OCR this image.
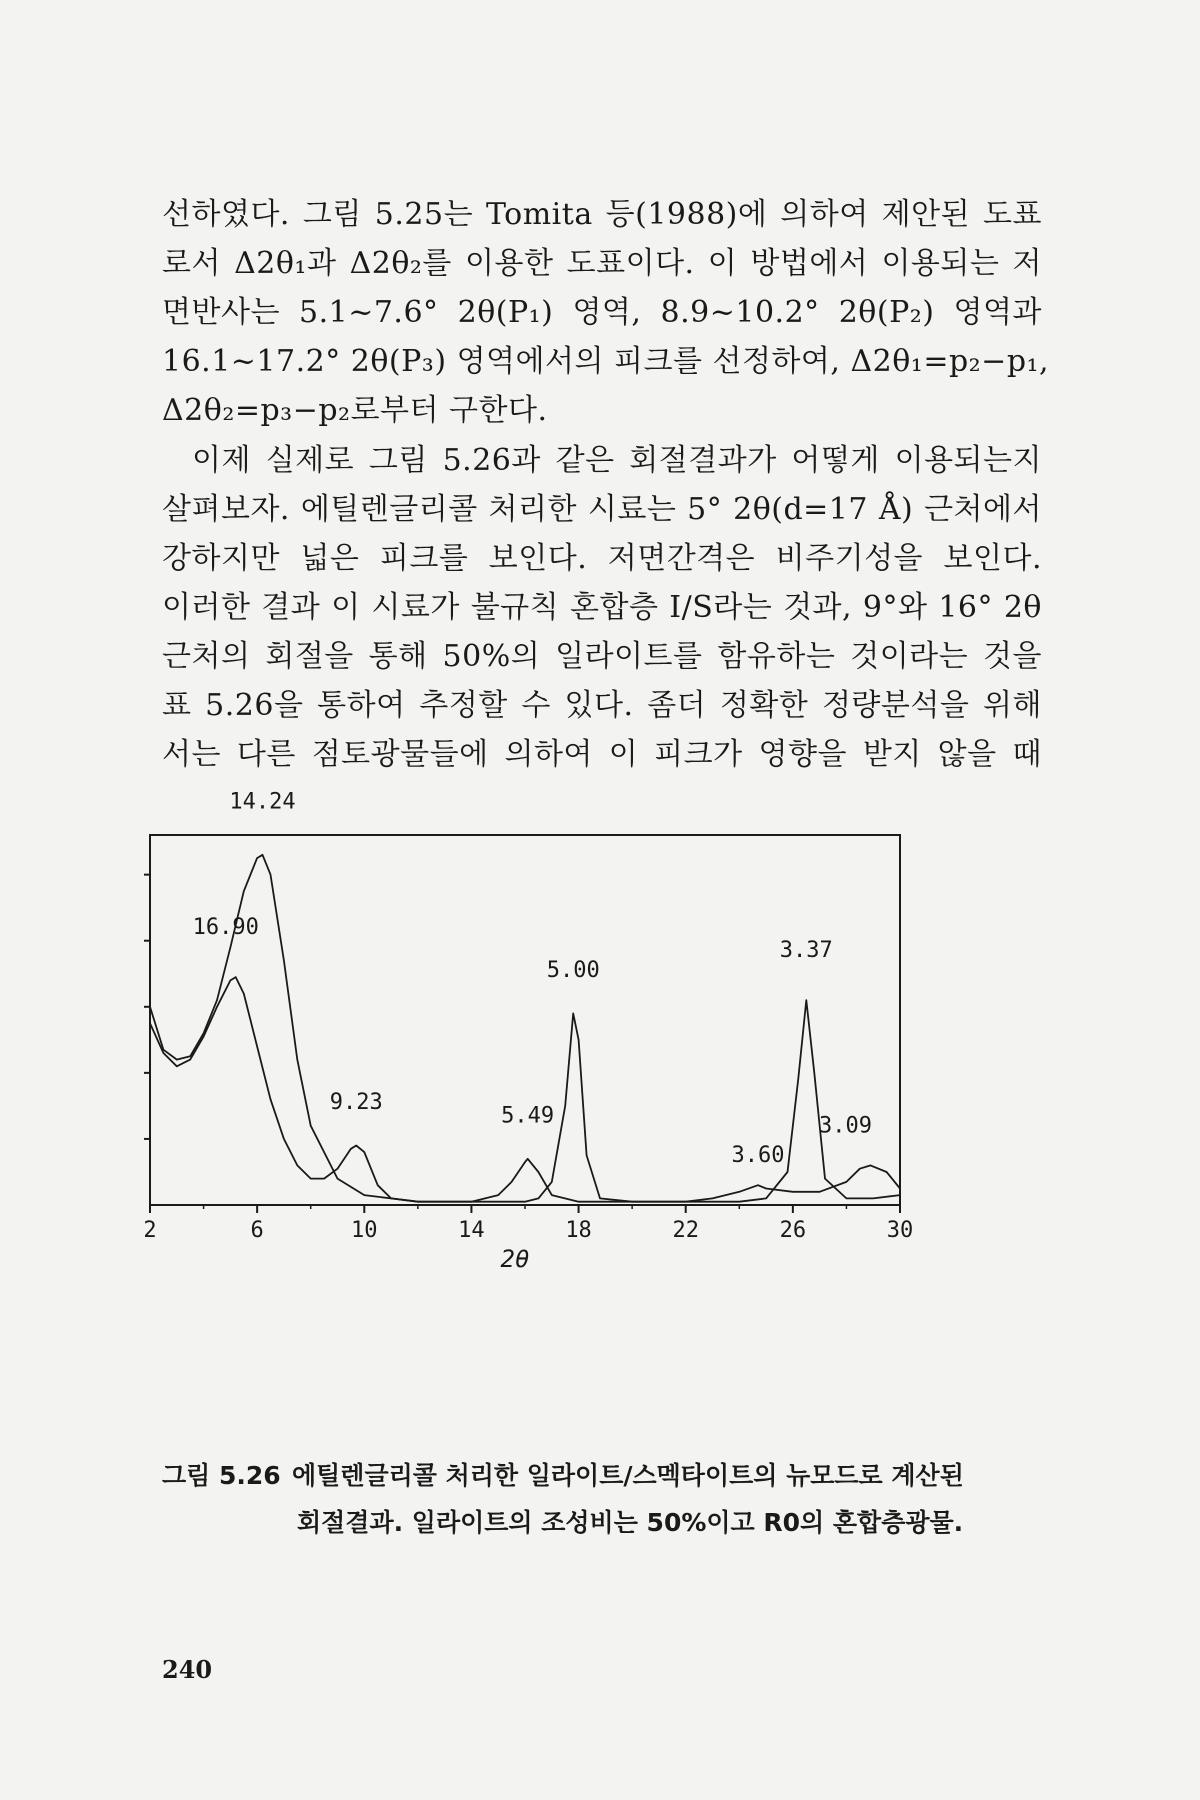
선하였다. 그림 5.25는 Tomita 등(1988)에 의하여 제안된 도표
로서 Δ2θ₁과 Δ2θ₂를 이용한 도표이다. 이 방법에서 이용되는 저
면반사는 5.1~7.6° 2θ(P₁) 영역, 8.9~10.2° 2θ(P₂) 영역과
16.1~17.2° 2θ(P₃) 영역에서의 피크를 선정하여, Δ2θ₁=p₂−p₁,
Δ2θ₂=p₃−p₂로부터 구한다.
이제 실제로 그림 5.26과 같은 회절결과가 어떻게 이용되는지
살펴보자. 에틸렌글리콜 처리한 시료는 5° 2θ(d=17 Å) 근처에서
강하지만 넓은 피크를 보인다. 저면간격은 비주기성을 보인다.
이러한 결과 이 시료가 불규칙 혼합층 I/S라는 것과, 9°와 16° 2θ
근처의 회절을 통해 50%의 일라이트를 함유하는 것이라는 것을
표 5.26을 통하여 추정할 수 있다. 좀더 정확한 정량분석을 위해
서는 다른 점토광물들에 의하여 이 피크가 영향을 받지 않을 때
2	6	10	14	18	22	26	30
2θ
16.90
14.24
9.23
5.49
5.00
3.60
3.37
3.09
그림 5.26 에틸렌글리콜 처리한 일라이트/스멕타이트의 뉴모드로 계산된
회절결과. 일라이트의 조성비는 50%이고 R0의 혼합층광물.
240
